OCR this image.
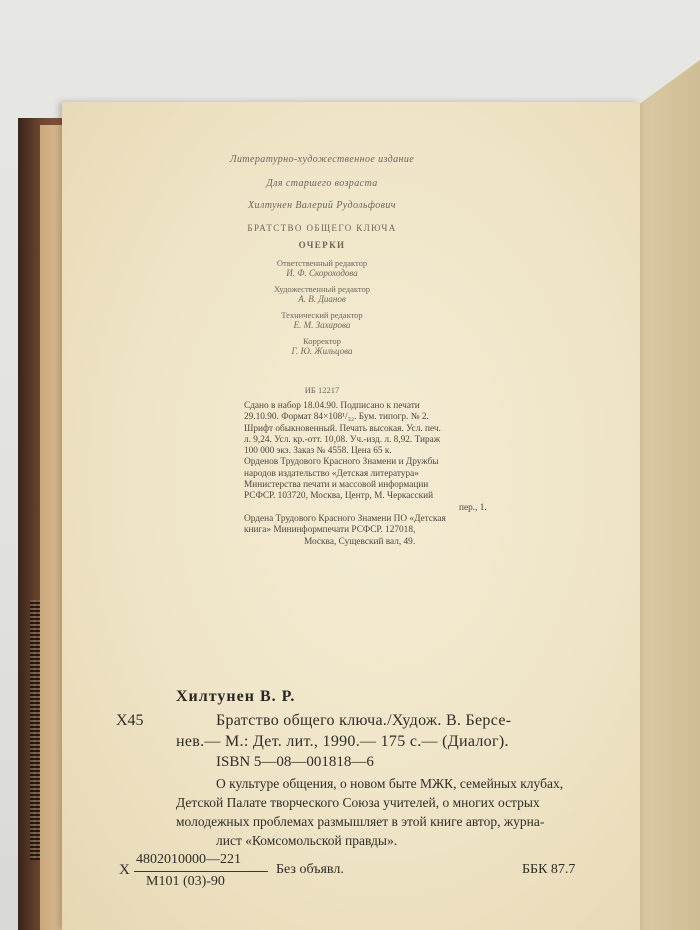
Литературно-художественное издание

Для старшего возраста

Хилтунен Валерий Рудольфович

БРАТСТВО ОБЩЕГО КЛЮЧА

ОЧЕРКИ

Ответственный редактор

И. Ф. Скороходова

Художественный редактор

А. В. Дианов

Технический редактор

Е. М. Захарова

Корректор

Г. Ю. Жильцова

ИБ 12217

Сдано в набор 18.04.90. Подписано к печати

29.10.90. Формат 84×108¹/₃₂. Бум. типогр. № 2.

Шрифт обыкновенный. Печать высокая. Усл. печ.

л. 9,24. Усл. кр.-отт. 10,08. Уч.-изд. л. 8,92. Тираж

100 000 экз. Заказ № 4558. Цена 65 к.

Орденов Трудового Красного Знамени и Дружбы

народов издательство «Детская литература»

Министерства печати и массовой информации

РСФСР. 103720, Москва, Центр, М. Черкасский

пер., 1.

Ордена Трудового Красного Знамени ПО «Детская

книга» Мининформпечати РСФСР. 127018,

Москва, Сущевский вал, 49.

Хилтунен В. Р.

Х45	Братство общего ключа./Худож. В. Берсе-

нев.— М.: Дет. лит., 1990.— 175 с.— (Диалог).

ISBN 5—08—001818—6

О культуре общения, о новом быте МЖК, семейных клубах,

Детской Палате творческого Союза учителей, о многих острых

молодежных проблемах размышляет в этой книге автор, журна-

лист «Комсомольской правды».

Х

4802010000—221

М101 (03)-90

Без объявл.	ББК 87.7
